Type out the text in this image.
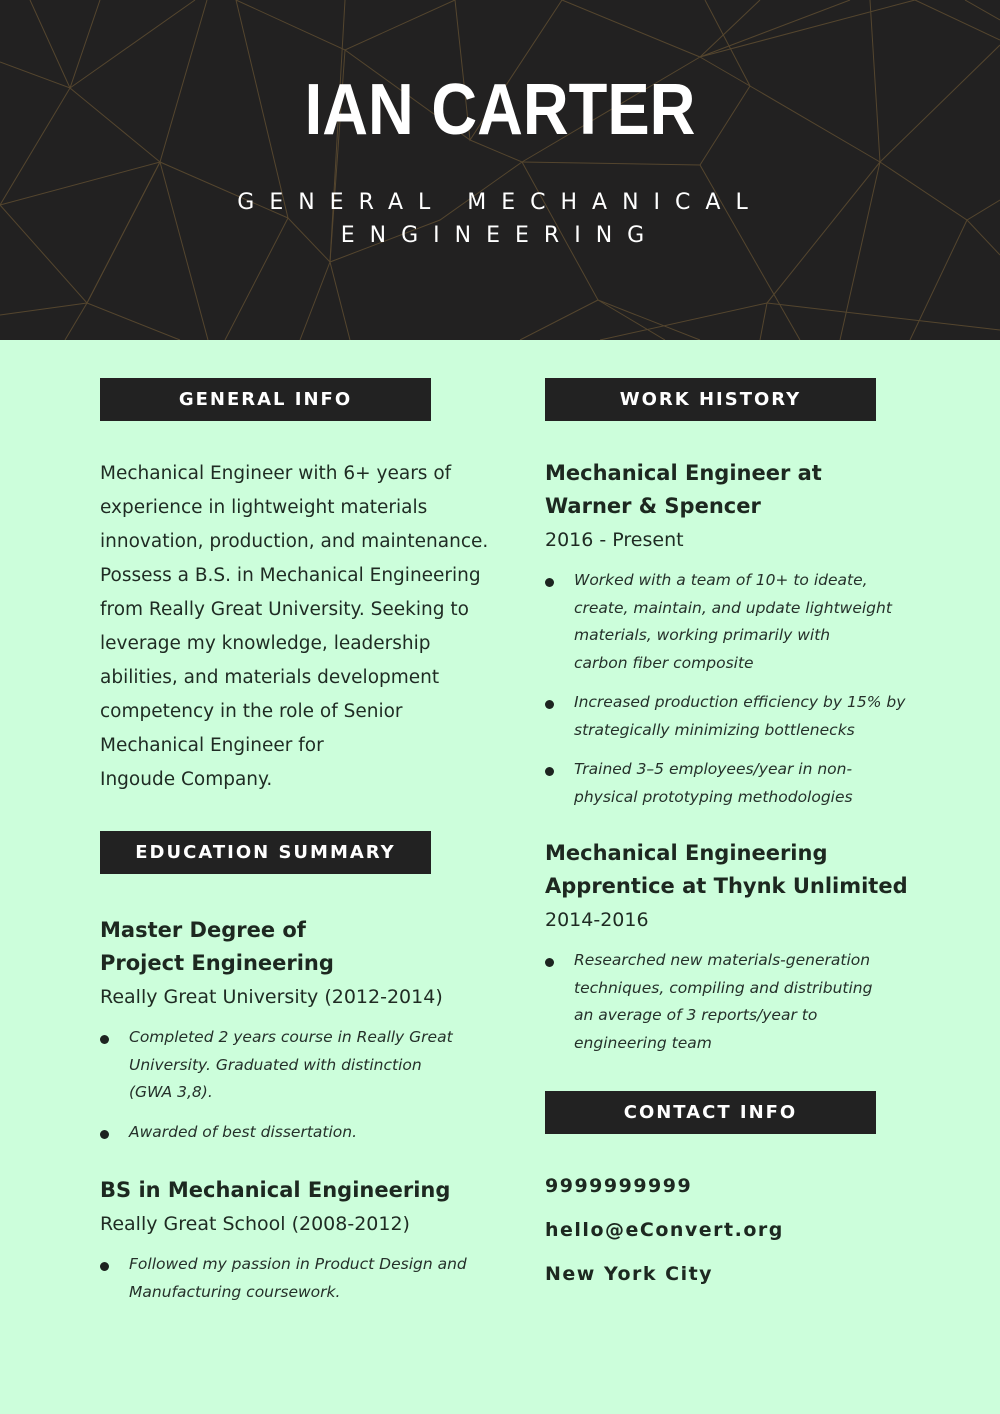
IAN CARTER
GENERAL MECHANICAL
ENGINEERING
GENERAL INFO
Mechanical Engineer with 6+ years of
experience in lightweight materials
innovation, production, and maintenance.
Possess a B.S. in Mechanical Engineering
from Really Great University. Seeking to
leverage my knowledge, leadership
abilities, and materials development
competency in the role of Senior
Mechanical Engineer for
Ingoude Company.
EDUCATION SUMMARY
Master Degree of
Project Engineering
Really Great University (2012-2014)
Completed 2 years course in Really Great
University. Graduated with distinction
(GWA 3,8).
Awarded of best dissertation.
BS in Mechanical Engineering
Really Great School (2008-2012)
Followed my passion in Product Design and
Manufacturing coursework.
WORK HISTORY
Mechanical Engineer at
Warner & Spencer
2016 - Present
Worked with a team of 10+ to ideate,
create, maintain, and update lightweight
materials, working primarily with
carbon fiber composite
Increased production efficiency by 15% by
strategically minimizing bottlenecks
Trained 3–5 employees/year in non-
physical prototyping methodologies
Mechanical Engineering
Apprentice at Thynk Unlimited
2014-2016
Researched new materials-generation
techniques, compiling and distributing
an average of 3 reports/year to
engineering team
CONTACT INFO
9999999999
hello@eConvert.org
New York City
